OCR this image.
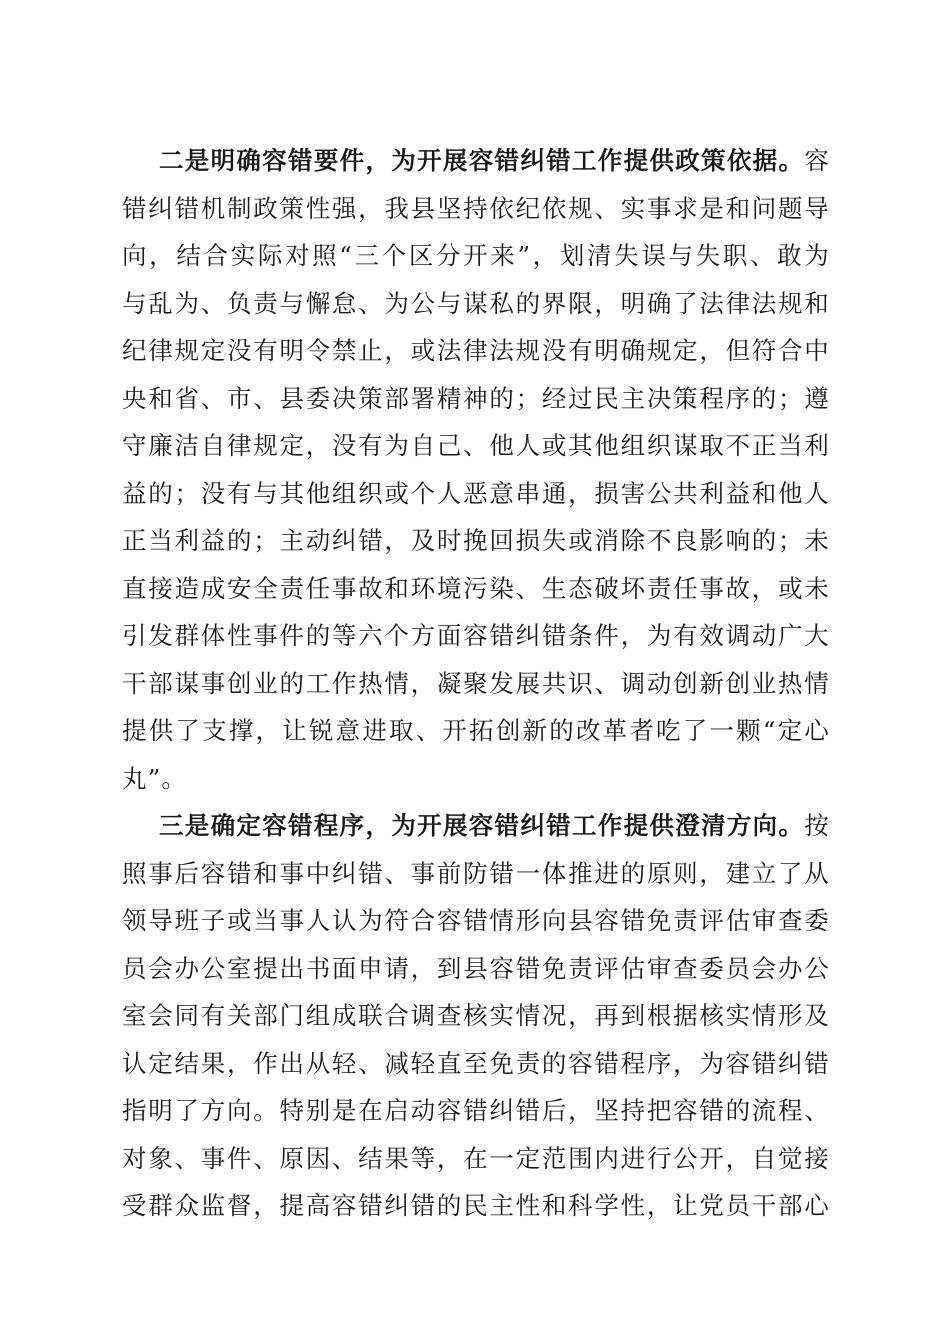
二是明确容错要件，为开展容错纠错工作提供政策依据。容
错纠错机制政策性强，我县坚持依纪依规、实事求是和问题导
向，结合实际对照“三个区分开来”，划清失误与失职、敢为
与乱为、负责与懈怠、为公与谋私的界限，明确了法律法规和
纪律规定没有明令禁止，或法律法规没有明确规定，但符合中
央和省、市、县委决策部署精神的；经过民主决策程序的；遵
守廉洁自律规定，没有为自己、他人或其他组织谋取不正当利
益的；没有与其他组织或个人恶意串通，损害公共利益和他人
正当利益的；主动纠错，及时挽回损失或消除不良影响的；未
直接造成安全责任事故和环境污染、生态破坏责任事故，或未
引发群体性事件的等六个方面容错纠错条件，为有效调动广大
干部谋事创业的工作热情，凝聚发展共识、调动创新创业热情
提供了支撑，让锐意进取、开拓创新的改革者吃了一颗“定心
丸”。
三是确定容错程序，为开展容错纠错工作提供澄清方向。按
照事后容错和事中纠错、事前防错一体推进的原则，建立了从
领导班子或当事人认为符合容错情形向县容错免责评估审查委
员会办公室提出书面申请，到县容错免责评估审查委员会办公
室会同有关部门组成联合调查核实情况，再到根据核实情形及
认定结果，作出从轻、减轻直至免责的容错程序，为容错纠错
指明了方向。特别是在启动容错纠错后，坚持把容错的流程、
对象、事件、原因、结果等，在一定范围内进行公开，自觉接
受群众监督，提高容错纠错的民主性和科学性，让党员干部心
